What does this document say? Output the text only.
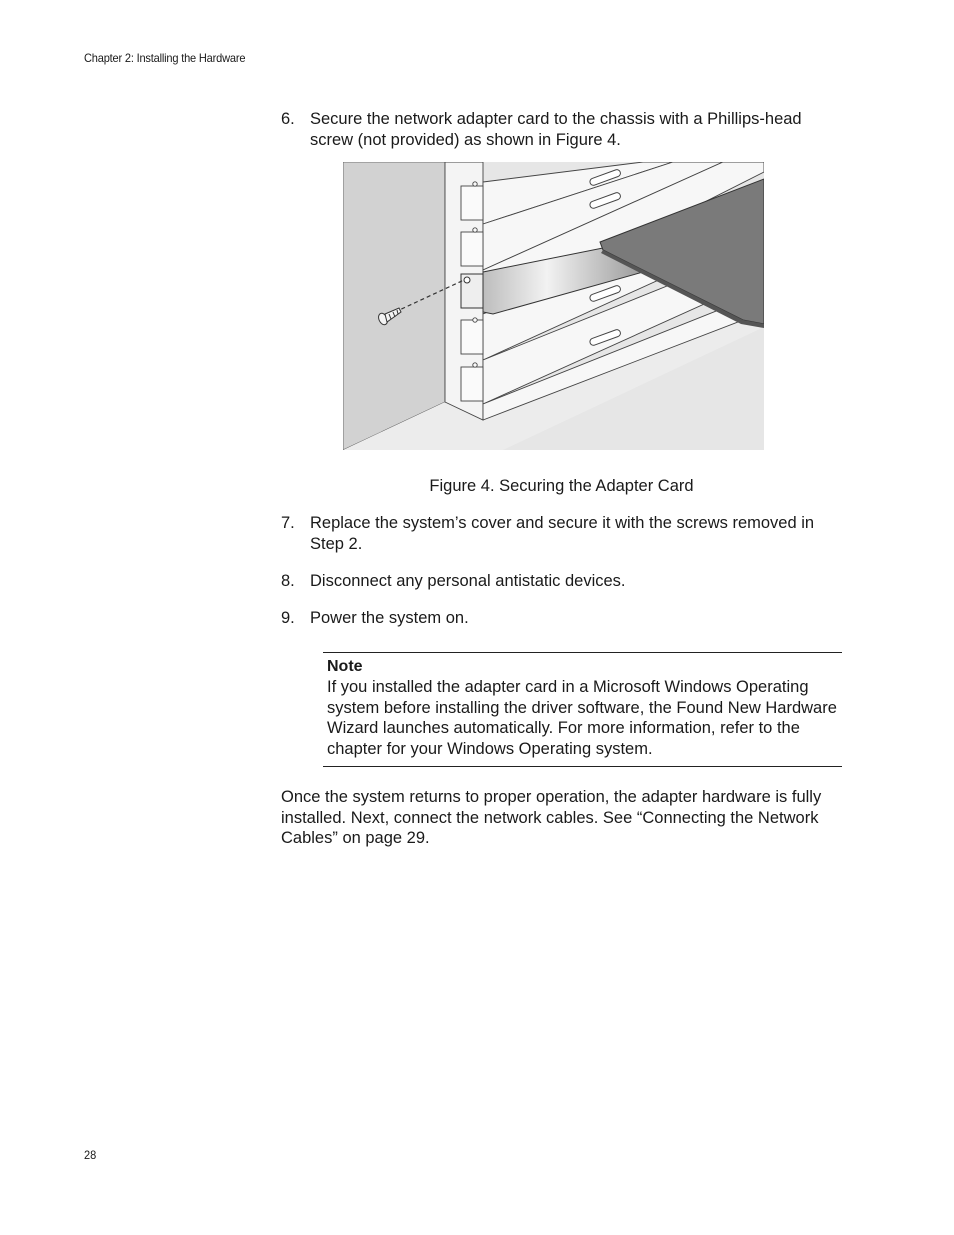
Chapter 2: Installing the Hardware
6. Secure the network adapter card to the chassis with a Phillips-head screw (not provided) as shown in Figure 4.
Figure 4. Securing the Adapter Card
7. Replace the system’s cover and secure it with the screws removed in Step 2.
8. Disconnect any personal antistatic devices.
9. Power the system on.
Note
If you installed the adapter card in a Microsoft Windows Operating system before installing the driver software, the Found New Hardware Wizard launches automatically. For more information, refer to the chapter for your Windows Operating system.
Once the system returns to proper operation, the adapter hardware is fully installed. Next, connect the network cables. See “Connecting the Network Cables” on page 29.
28
